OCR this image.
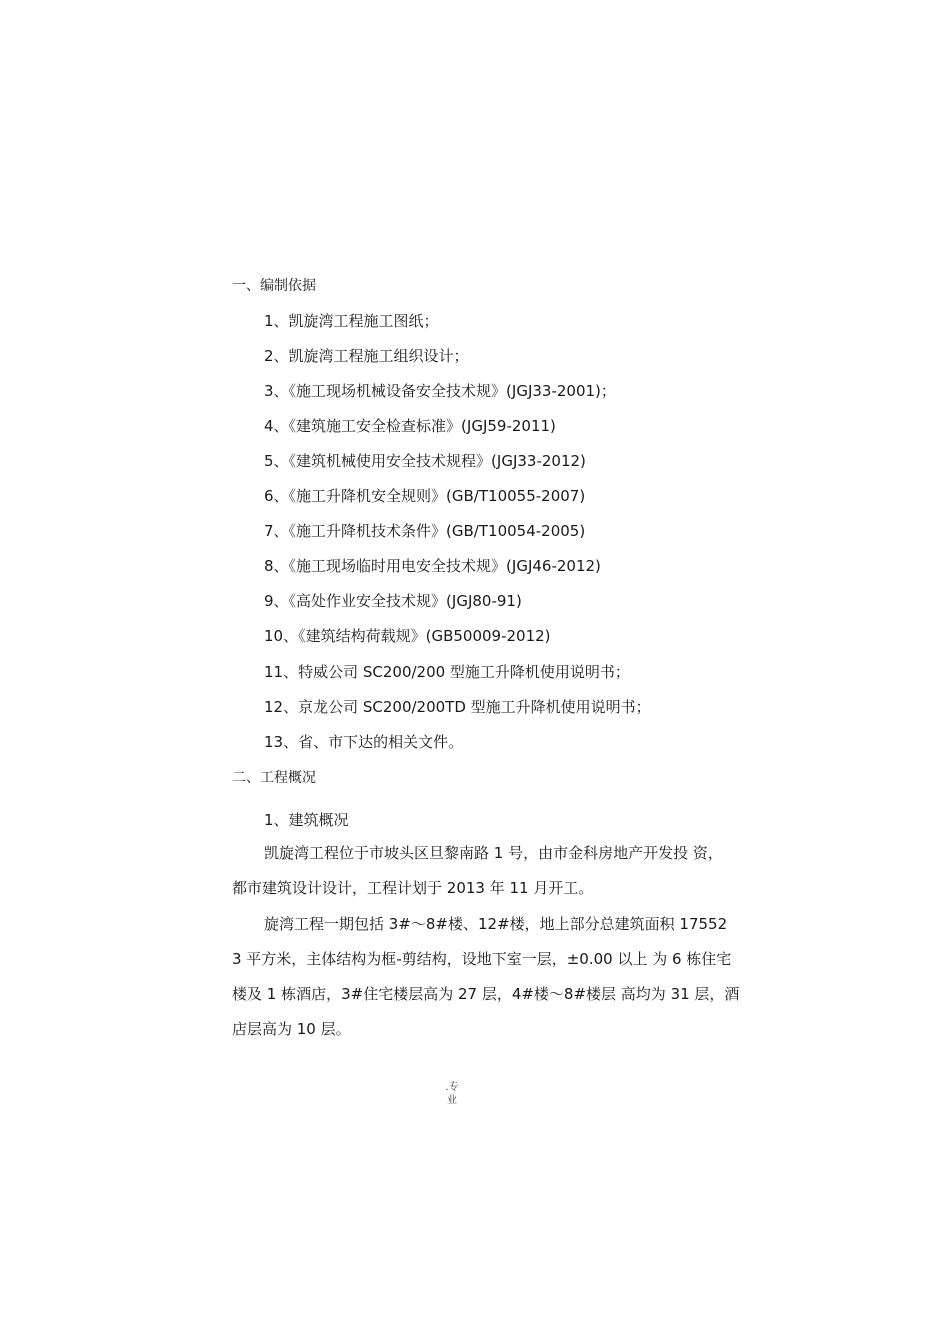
一、编制依据
1、凯旋湾工程施工图纸；
2、凯旋湾工程施工组织设计；
3、《施工现场机械设备安全技术规》(JGJ33-2001)；
4、《建筑施工安全检查标准》(JGJ59-2011)
5、《建筑机械使用安全技术规程》(JGJ33-2012)
6、《施工升降机安全规则》(GB/T10055-2007)
7、《施工升降机技术条件》(GB/T10054-2005)
8、《施工现场临时用电安全技术规》(JGJ46-2012)
9、《高处作业安全技术规》(JGJ80-91)
10、《建筑结构荷载规》(GB50009-2012)
11、特威公司 SC200/200 型施工升降机使用说明书；
12、京龙公司 SC200/200TD 型施工升降机使用说明书；
13、省、市下达的相关文件。
二、工程概况
1、建筑概况
凯旋湾工程位于市坡头区旦黎南路 1 号，由市金科房地产开发投 资，
都市建筑设计设计，工程计划于 2013 年 11 月开工。
旋湾工程一期包括 3#～8#楼、12#楼，地上部分总建筑面积 17552
3 平方米，主体结构为框-剪结构，设地下室一层，±0.00 以上 为 6 栋住宅
楼及 1 栋酒店，3#住宅楼层高为 27 层，4#楼～8#楼层 高均为 31 层，酒
店层高为 10 层。
.专
业
